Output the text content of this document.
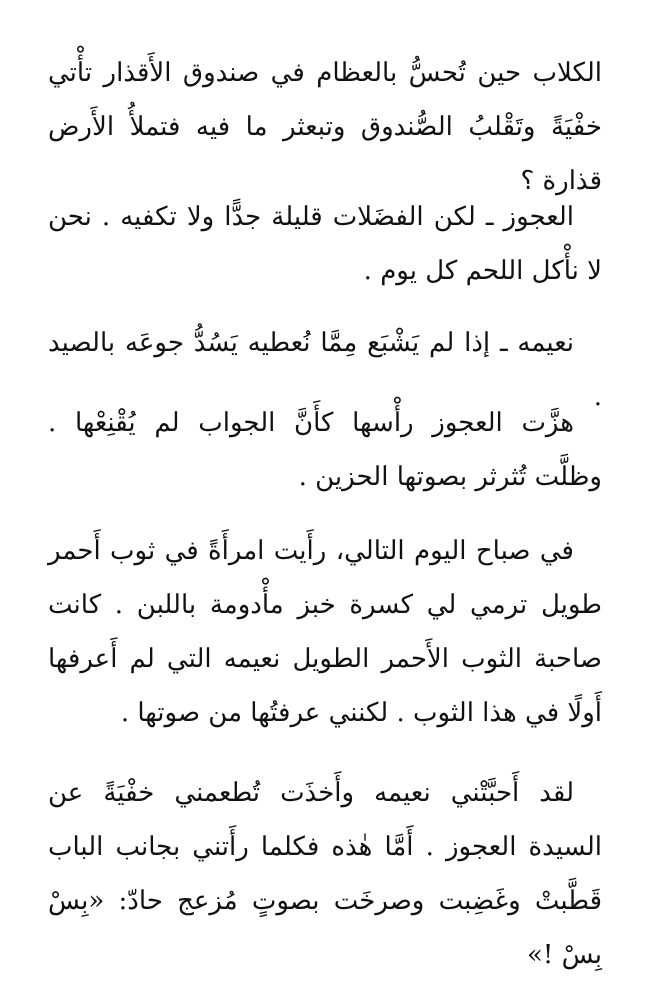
الكلاب حين تُحسُّ بالعظام في صندوق الأَقذار تأْتي خفْيَةً وتَقْلبُ الصُّندوق وتبعثر ما فيه فتملأُ الأَرض قذارة ؟

العجوز ـ لكن الفضَلات قليلة جدًّا ولا تكفيه . نحن لا نأْكل اللحم كل يوم .

نعيمه ـ إذا لم يَشْبَع مِمَّا نُعطيه يَسُدُّ جوعَه بالصيد .

هزَّت العجوز رأْسها كأَنَّ الجواب لم يُقْنِعْها . وظلَّت تُثرثر بصوتها الحزين .

في صباح اليوم التالي، رأَيت امرأَةً في ثوب أَحمر طويل ترمي لي كسرة خبز مأْدومة باللبن . كانت صاحبة الثوب الأَحمر الطويل نعيمه التي لم أَعرفها أَولًا في هذا الثوب . لكنني عرفتُها من صوتها .

لقد أَحبَّتْني نعيمه وأَخذَت تُطعمني خفْيَةً عن السيدة العجوز . أَمَّا هٰذه فكلما رأَتني بجانب الباب قَطَّبتْ وغَضِبت وصرخَت بصوتٍ مُزعج حادّ: «بِسْ بِسْ !»
